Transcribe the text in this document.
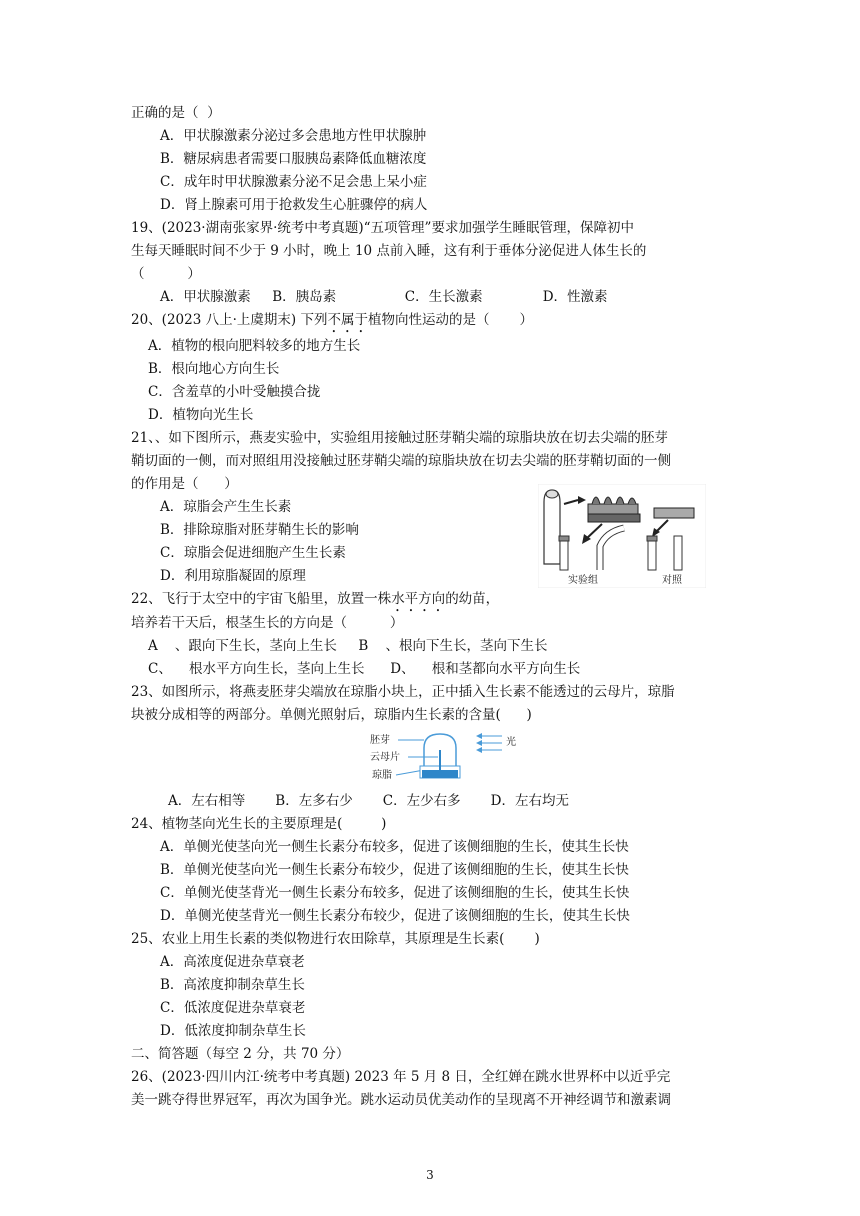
正确的是（  ）
A．甲状腺激素分泌过多会患地方性甲状腺肿
B．糖尿病患者需要口服胰岛素降低血糖浓度
C．成年时甲状腺激素分泌不足会患上呆小症
D．肾上腺素可用于抢救发生心脏骤停的病人
19、(2023·湖南张家界·统考中考真题)“五项管理”要求加强学生睡眠管理，保障初中
生每天睡眠时间不少于 9 小时，晚上 10 点前入睡，这有利于垂体分泌促进人体生长的
（          ）
A．甲状腺激素     B．胰岛素                C．生长激素              D．性激素
20、(2023 八上·上虞期末) 下列不属于植物向性运动的是（       ）
A．植物的根向肥料较多的地方生长
B．根向地心方向生长
C．含羞草的小叶受触摸合拢
D．植物向光生长
21、、如下图所示，燕麦实验中，实验组用接触过胚芽鞘尖端的琼脂块放在切去尖端的胚芽
鞘切面的一侧，而对照组用没接触过胚芽鞘尖端的琼脂块放在切去尖端的胚芽鞘切面的一侧
的作用是（      ）
A．琼脂会产生生长素
B．排除琼脂对胚芽鞘生长的影响
C．琼脂会促进细胞产生生长素
D．利用琼脂凝固的原理	实验组	对照
22、飞行于太空中的宇宙飞船里，放置一株水平方向的幼苗，
培养若干天后，根茎生长的方向是（          ）
A    、跟向下生长，茎向上生长     B    、根向下生长，茎向下生长
C、    根水平方向生长，茎向上生长      D、    根和茎都向水平方向生长
23、如图所示，将燕麦胚芽尖端放在琼脂小块上，正中插入生长素不能透过的云母片，琼脂
块被分成相等的两部分。单侧光照射后，琼脂内生长素的含量(      )
胚芽
云母片
琼脂
光
A．左右相等       B．左多右少       C．左少右多       D．左右均无
24、植物茎向光生长的主要原理是(         )
A．单侧光使茎向光一侧生长素分布较多，促进了该侧细胞的生长，使其生长快
B．单侧光使茎向光一侧生长素分布较少，促进了该侧细胞的生长，使其生长快
C．单侧光使茎背光一侧生长素分布较多，促进了该侧细胞的生长，使其生长快
D．单侧光使茎背光一侧生长素分布较少，促进了该侧细胞的生长，使其生长快
25、农业上用生长素的类似物进行农田除草，其原理是生长素(       )
A．高浓度促进杂草衰老
B．高浓度抑制杂草生长
C．低浓度促进杂草衰老
D．低浓度抑制杂草生长
二、简答题（每空 2 分，共 70 分）
26、(2023·四川内江·统考中考真题) 2023 年 5 月 8 日，全红婵在跳水世界杯中以近乎完
美一跳夺得世界冠军，再次为国争光。跳水运动员优美动作的呈现离不开神经调节和激素调
3
